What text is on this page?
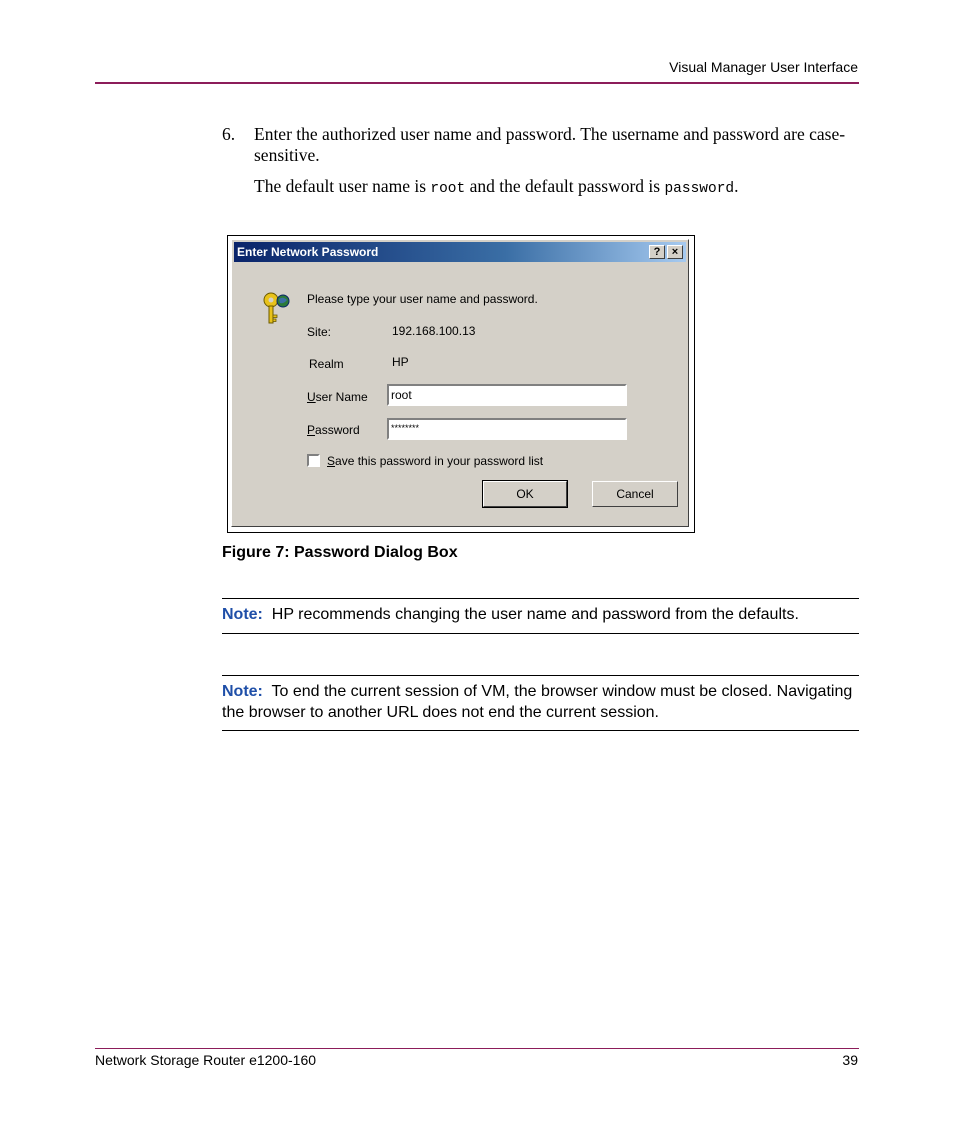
Visual Manager User Interface
6. Enter the authorized user name and password. The username and password are case-sensitive.
The default user name is root and the default password is password.
Enter Network Password	?	×
Please type your user name and password.
Site:	192.168.100.13
Realm	HP
User Name	root
Password	********
Save this password in your password list
OK	Cancel
Figure 7: Password Dialog Box
Note: HP recommends changing the user name and password from the defaults.
Note: To end the current session of VM, the browser window must be closed. Navigating the browser to another URL does not end the current session.
Network Storage Router e1200-160	39
